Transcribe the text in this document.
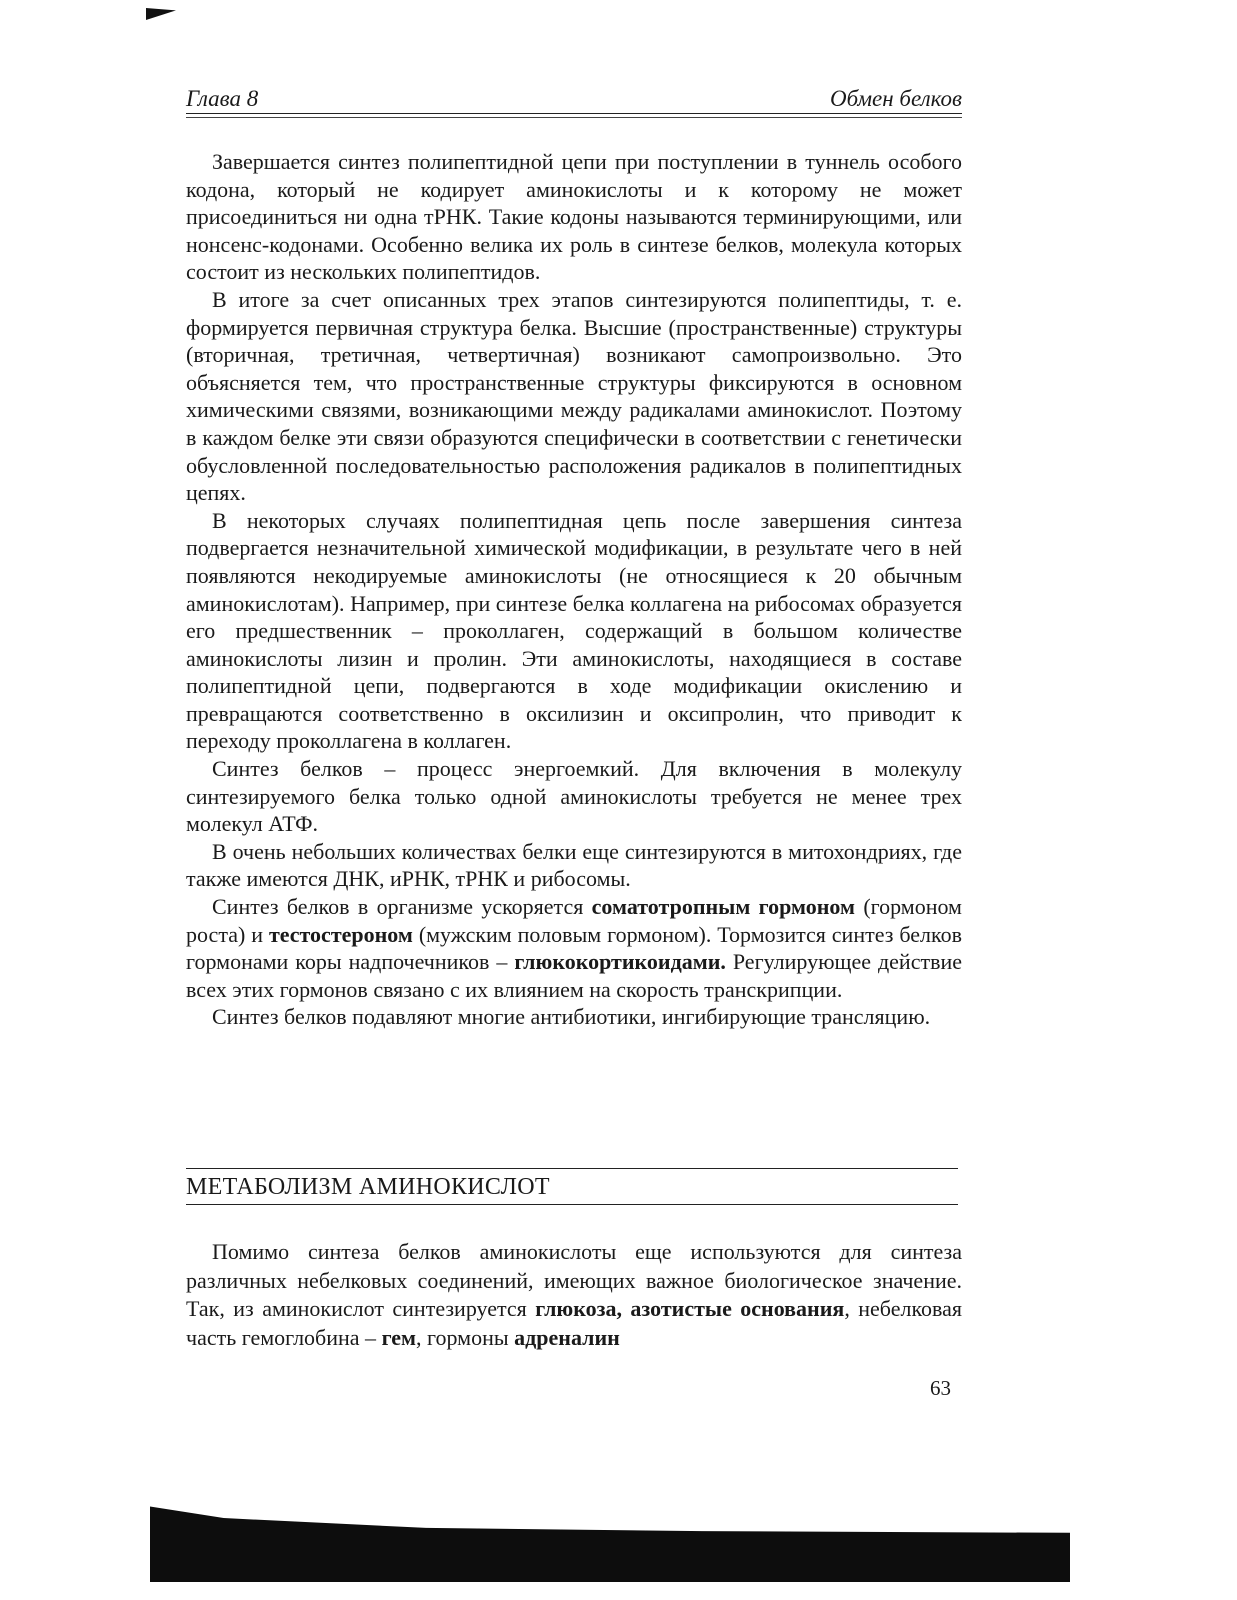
Глава 8	Обмен белков

Завершается синтез полипептидной цепи при поступлении в туннель особого кодона, который не кодирует аминокислоты и к которому не может присоединиться ни одна тРНК. Такие кодоны называются терминирующими, или нонсенс-кодонами. Особенно велика их роль в синтезе белков, молекула которых состоит из нескольких полипептидов.

В итоге за счет описанных трех этапов синтезируются полипептиды, т. е. формируется первичная структура белка. Высшие (пространственные) структуры (вторичная, третичная, четвертичная) возникают самопроизвольно. Это объясняется тем, что пространственные структуры фиксируются в основном химическими связями, возникающими между радикалами аминокислот. Поэтому в каждом белке эти связи образуются специфически в соответствии с генетически обусловленной последовательностью расположения радикалов в полипептидных цепях.

В некоторых случаях полипептидная цепь после завершения синтеза подвергается незначительной химической модификации, в результате чего в ней появляются некодируемые аминокислоты (не относящиеся к 20 обычным аминокислотам). Например, при синтезе белка коллагена на рибосомах образуется его предшественник – проколлаген, содержащий в большом количестве аминокислоты лизин и пролин. Эти аминокислоты, находящиеся в составе полипептидной цепи, подвергаются в ходе модификации окислению и превращаются соответственно в оксилизин и оксипролин, что приводит к переходу проколлагена в коллаген.

Синтез белков – процесс энергоемкий. Для включения в молекулу синтезируемого белка только одной аминокислоты требуется не менее трех молекул АТФ.

В очень небольших количествах белки еще синтезируются в митохондриях, где также имеются ДНК, иРНК, тРНК и рибосомы.

Синтез белков в организме ускоряется соматотропным гормоном (гормоном роста) и тестостероном (мужским половым гормоном). Тормозится синтез белков гормонами коры надпочечников – глюкокортикоидами. Регулирующее действие всех этих гормонов связано с их влиянием на скорость транскрипции.

Синтез белков подавляют многие антибиотики, ингибирующие трансляцию.

МЕТАБОЛИЗМ АМИНОКИСЛОТ

Помимо синтеза белков аминокислоты еще используются для синтеза различных небелковых соединений, имеющих важное биологическое значение. Так, из аминокислот синтезируется глюкоза, азотистые основания, небелковая часть гемоглобина – гем, гормоны адреналин

63
